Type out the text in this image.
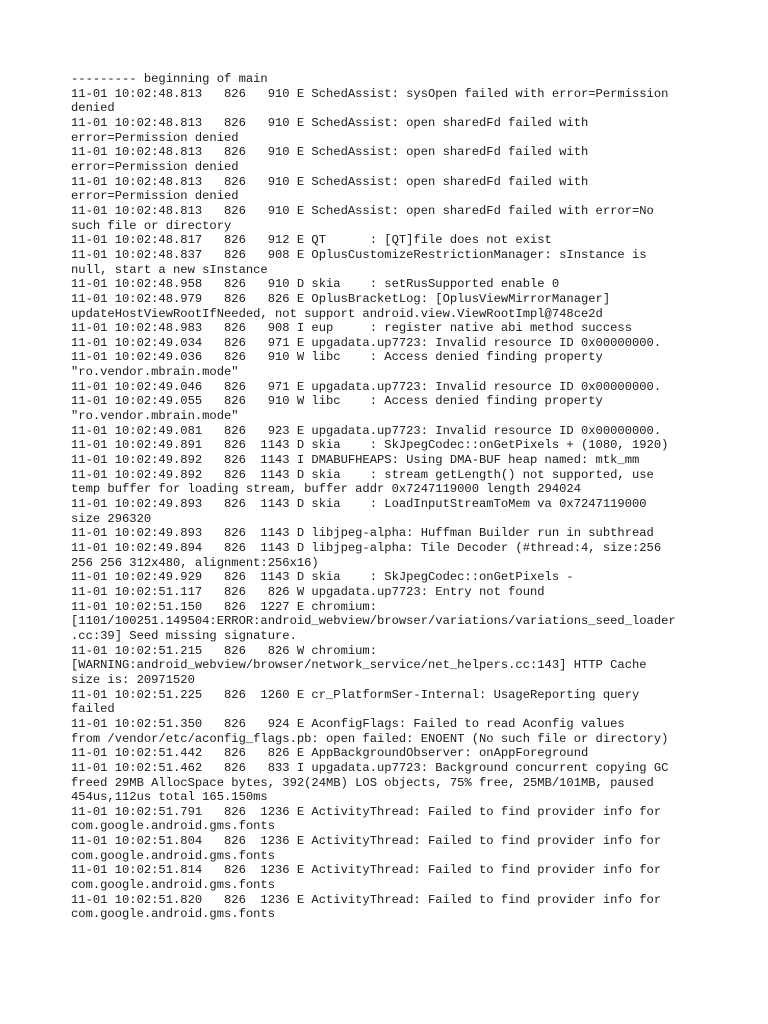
--------- beginning of main
11-01 10:02:48.813   826   910 E SchedAssist: sysOpen failed with error=Permission
denied
11-01 10:02:48.813   826   910 E SchedAssist: open sharedFd failed with
error=Permission denied
11-01 10:02:48.813   826   910 E SchedAssist: open sharedFd failed with
error=Permission denied
11-01 10:02:48.813   826   910 E SchedAssist: open sharedFd failed with
error=Permission denied
11-01 10:02:48.813   826   910 E SchedAssist: open sharedFd failed with error=No
such file or directory
11-01 10:02:48.817   826   912 E QT      : [QT]file does not exist
11-01 10:02:48.837   826   908 E OplusCustomizeRestrictionManager: sInstance is
null, start a new sInstance
11-01 10:02:48.958   826   910 D skia    : setRusSupported enable 0
11-01 10:02:48.979   826   826 E OplusBracketLog: [OplusViewMirrorManager]
updateHostViewRootIfNeeded, not support android.view.ViewRootImpl@748ce2d
11-01 10:02:48.983   826   908 I eup     : register native abi method success
11-01 10:02:49.034   826   971 E upgadata.up7723: Invalid resource ID 0x00000000.
11-01 10:02:49.036   826   910 W libc    : Access denied finding property
"ro.vendor.mbrain.mode"
11-01 10:02:49.046   826   971 E upgadata.up7723: Invalid resource ID 0x00000000.
11-01 10:02:49.055   826   910 W libc    : Access denied finding property
"ro.vendor.mbrain.mode"
11-01 10:02:49.081   826   923 E upgadata.up7723: Invalid resource ID 0x00000000.
11-01 10:02:49.891   826  1143 D skia    : SkJpegCodec::onGetPixels + (1080, 1920)
11-01 10:02:49.892   826  1143 I DMABUFHEAPS: Using DMA-BUF heap named: mtk_mm
11-01 10:02:49.892   826  1143 D skia    : stream getLength() not supported, use
temp buffer for loading stream, buffer addr 0x7247119000 length 294024
11-01 10:02:49.893   826  1143 D skia    : LoadInputStreamToMem va 0x7247119000
size 296320
11-01 10:02:49.893   826  1143 D libjpeg-alpha: Huffman Builder run in subthread
11-01 10:02:49.894   826  1143 D libjpeg-alpha: Tile Decoder (#thread:4, size:256
256 256 312x480, alignment:256x16)
11-01 10:02:49.929   826  1143 D skia    : SkJpegCodec::onGetPixels -
11-01 10:02:51.117   826   826 W upgadata.up7723: Entry not found
11-01 10:02:51.150   826  1227 E chromium:
[1101/100251.149504:ERROR:android_webview/browser/variations/variations_seed_loader
.cc:39] Seed missing signature.
11-01 10:02:51.215   826   826 W chromium:
[WARNING:android_webview/browser/network_service/net_helpers.cc:143] HTTP Cache
size is: 20971520
11-01 10:02:51.225   826  1260 E cr_PlatformSer-Internal: UsageReporting query
failed
11-01 10:02:51.350   826   924 E AconfigFlags: Failed to read Aconfig values
from /vendor/etc/aconfig_flags.pb: open failed: ENOENT (No such file or directory)
11-01 10:02:51.442   826   826 E AppBackgroundObserver: onAppForeground
11-01 10:02:51.462   826   833 I upgadata.up7723: Background concurrent copying GC
freed 29MB AllocSpace bytes, 392(24MB) LOS objects, 75% free, 25MB/101MB, paused
454us,112us total 165.150ms
11-01 10:02:51.791   826  1236 E ActivityThread: Failed to find provider info for
com.google.android.gms.fonts
11-01 10:02:51.804   826  1236 E ActivityThread: Failed to find provider info for
com.google.android.gms.fonts
11-01 10:02:51.814   826  1236 E ActivityThread: Failed to find provider info for
com.google.android.gms.fonts
11-01 10:02:51.820   826  1236 E ActivityThread: Failed to find provider info for
com.google.android.gms.fonts
